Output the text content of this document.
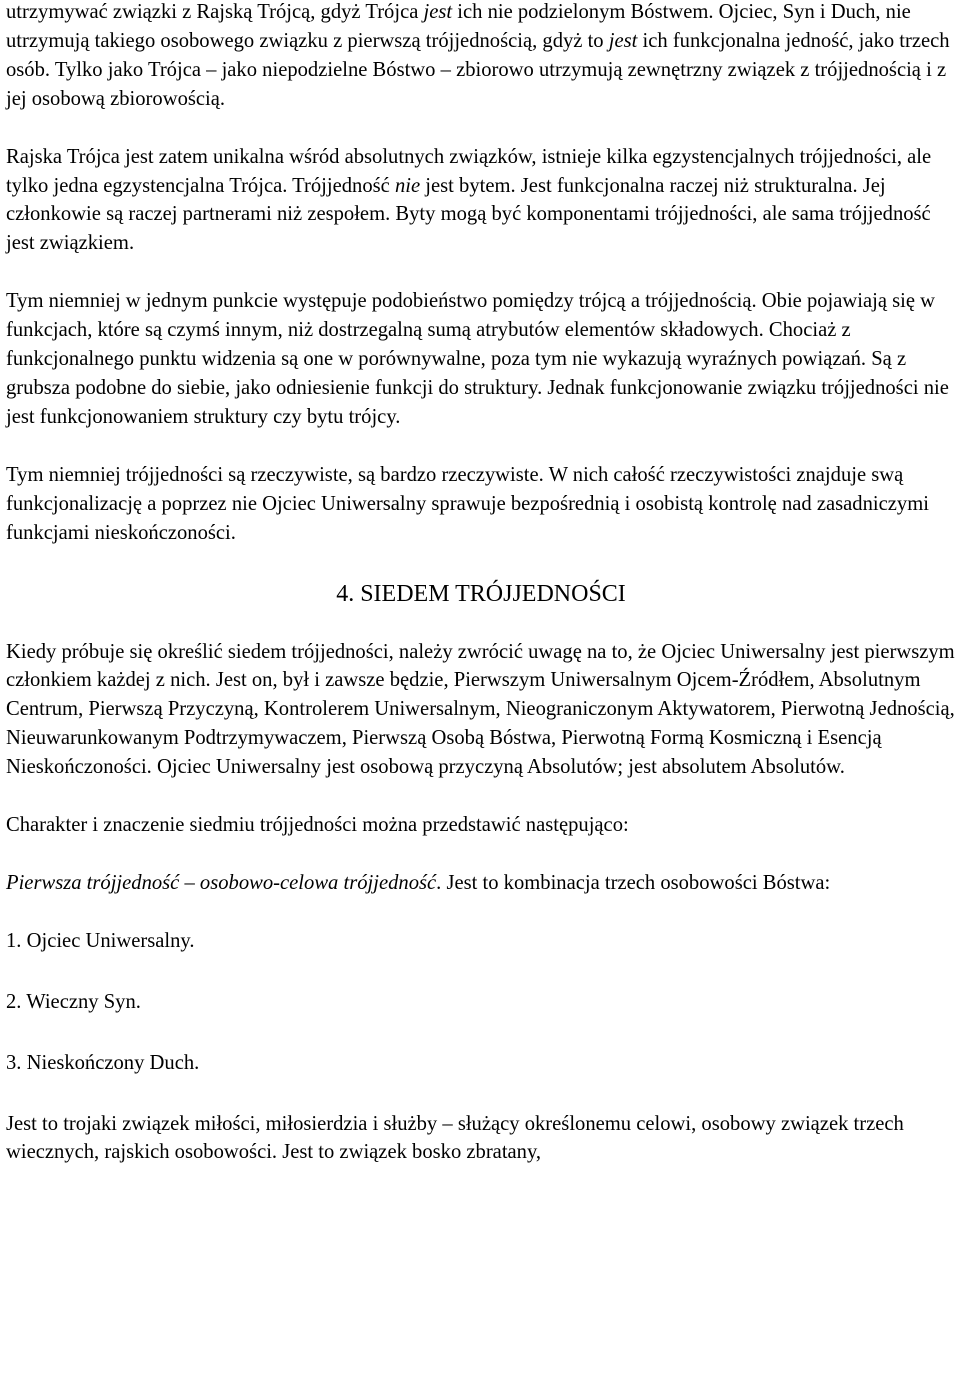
utrzymywać związki z Rajską Trójcą, gdyż Trójca jest ich nie podzielonym Bóstwem. Ojciec, Syn i Duch, nie utrzymują takiego osobowego związku z pierwszą trójjednością, gdyż to jest ich funkcjonalna jedność, jako trzech osób. Tylko jako Trójca – jako niepodzielne Bóstwo – zbiorowo utrzymują zewnętrzny związek z trójjednością i z jej osobową zbiorowością.

Rajska Trójca jest zatem unikalna wśród absolutnych związków, istnieje kilka egzystencjalnych trójjedności, ale tylko jedna egzystencjalna Trójca. Trójjedność nie jest bytem. Jest funkcjonalna raczej niż strukturalna. Jej członkowie są raczej partnerami niż zespołem. Byty mogą być komponentami trójjedności, ale sama trójjedność jest związkiem.

Tym niemniej w jednym punkcie występuje podobieństwo pomiędzy trójcą a trójjednością. Obie pojawiają się w funkcjach, które są czymś innym, niż dostrzegalną sumą atrybutów elementów składowych. Chociaż z funkcjonalnego punktu widzenia są one w porównywalne, poza tym nie wykazują wyraźnych powiązań. Są z grubsza podobne do siebie, jako odniesienie funkcji do struktury. Jednak funkcjonowanie związku trójjedności nie jest funkcjonowaniem struktury czy bytu trójcy.

Tym niemniej trójjedności są rzeczywiste, są bardzo rzeczywiste. W nich całość rzeczywistości znajduje swą funkcjonalizację a poprzez nie Ojciec Uniwersalny sprawuje bezpośrednią i osobistą kontrolę nad zasadniczymi funkcjami nieskończoności.

4. SIEDEM TRÓJJEDNOŚCI

Kiedy próbuje się określić siedem trójjedności, należy zwrócić uwagę na to, że Ojciec Uniwersalny jest pierwszym członkiem każdej z nich. Jest on, był i zawsze będzie, Pierwszym Uniwersalnym Ojcem-Źródłem, Absolutnym Centrum, Pierwszą Przyczyną, Kontrolerem Uniwersalnym, Nieograniczonym Aktywatorem, Pierwotną Jednością, Nieuwarunkowanym Podtrzymywaczem, Pierwszą Osobą Bóstwa, Pierwotną Formą Kosmiczną i Esencją Nieskończoności. Ojciec Uniwersalny jest osobową przyczyną Absolutów; jest absolutem Absolutów.

Charakter i znaczenie siedmiu trójjedności można przedstawić następująco:

Pierwsza trójjedność – osobowo-celowa trójjedność. Jest to kombinacja trzech osobowości Bóstwa:

1. Ojciec Uniwersalny.
2. Wieczny Syn.
3. Nieskończony Duch.

Jest to trojaki związek miłości, miłosierdzia i służby – służący określonemu celowi, osobowy związek trzech wiecznych, rajskich osobowości. Jest to związek bosko zbratany,
